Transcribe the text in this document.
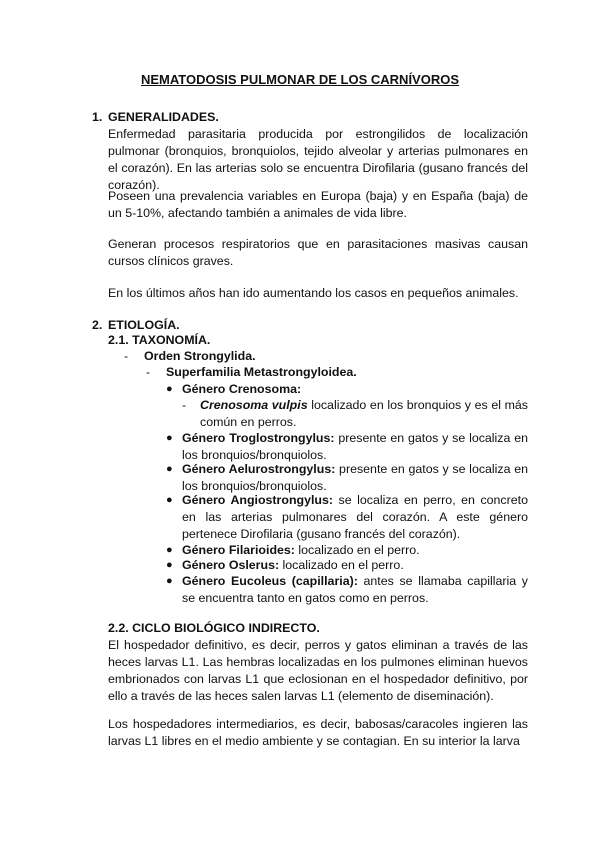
NEMATODOSIS PULMONAR DE LOS CARNÍVOROS

1. GENERALIDADES.

Enfermedad parasitaria producida por estrongilidos de localización pulmonar (bronquios, bronquiolos, tejido alveolar y arterias pulmonares en el corazón). En las arterias solo se encuentra Dirofilaria (gusano francés del corazón).

Poseen una prevalencia variables en Europa (baja) y en España (baja) de un 5-10%, afectando también a animales de vida libre.

Generan procesos respiratorios que en parasitaciones masivas causan cursos clínicos graves.

En los últimos años han ido aumentando los casos en pequeños animales.

2. ETIOLOGÍA.

2.1. TAXONOMÍA.

- Orden Strongylida.

- Superfamilia Metastrongyloidea.

● Género Crenosoma:

- Crenosoma vulpis localizado en los bronquios y es el más común en perros.

● Género Troglostrongylus: presente en gatos y se localiza en los bronquios/bronquiolos.

● Género Aelurostrongylus: presente en gatos y se localiza en los bronquios/bronquiolos.

● Género Angiostrongylus: se localiza en perro, en concreto en las arterias pulmonares del corazón. A este género pertenece Dirofilaria (gusano francés del corazón).

● Género Filarioides: localizado en el perro.

● Género Oslerus: localizado en el perro.

● Género Eucoleus (capillaria): antes se llamaba capillaria y se encuentra tanto en gatos como en perros.

2.2. CICLO BIOLÓGICO INDIRECTO.

El hospedador definitivo, es decir, perros y gatos eliminan a través de las heces larvas L1. Las hembras localizadas en los pulmones eliminan huevos embrionados con larvas L1 que eclosionan en el hospedador definitivo, por ello a través de las heces salen larvas L1 (elemento de diseminación).

Los hospedadores intermediarios, es decir, babosas/caracoles ingieren las larvas L1 libres en el medio ambiente y se contagian. En su interior la larva
